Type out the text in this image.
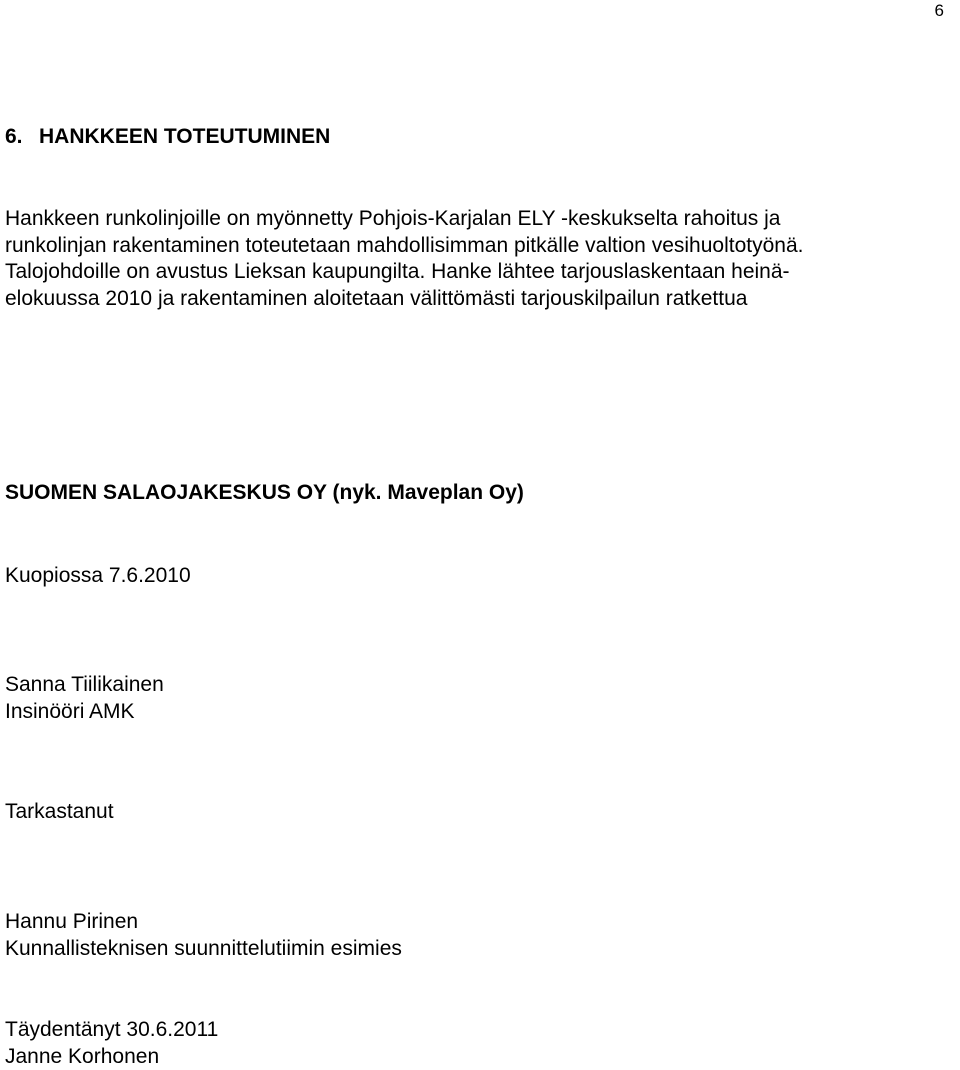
6
6. HANKKEEN TOTEUTUMINEN
Hankkeen runkolinjoille on myönnetty Pohjois-Karjalan ELY -keskukselta rahoitus ja
runkolinjan rakentaminen toteutetaan mahdollisimman pitkälle valtion vesihuoltotyönä.
Talojohdoille on avustus Lieksan kaupungilta. Hanke lähtee tarjouslaskentaan heinä-
elokuussa 2010 ja rakentaminen aloitetaan välittömästi tarjouskilpailun ratkettua
SUOMEN SALAOJAKESKUS OY (nyk. Maveplan Oy)
Kuopiossa 7.6.2010
Sanna Tiilikainen
Insinööri AMK
Tarkastanut
Hannu Pirinen
Kunnallisteknisen suunnittelutiimin esimies
Täydentänyt 30.6.2011
Janne Korhonen
